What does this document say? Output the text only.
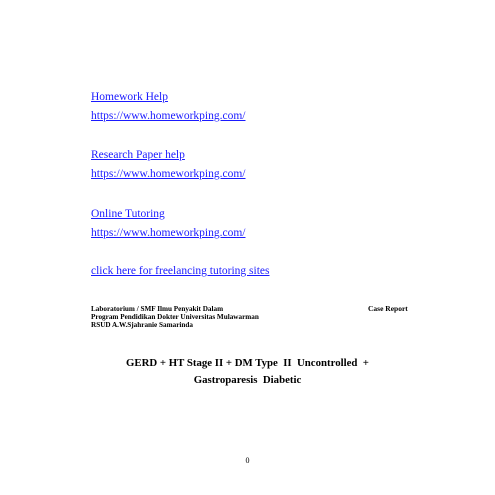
Homework Help
https://www.homeworkping.com/
Research Paper help
https://www.homeworkping.com/
Online Tutoring
https://www.homeworkping.com/
click here for freelancing tutoring sites
Laboratorium / SMF Ilmu Penyakit Dalam
Program Pendidikan Dokter Universitas Mulawarman
RSUD A.W.Sjahranie Samarinda
Case Report
GERD + HT Stage II + DM Type  II  Uncontrolled  +
Gastroparesis  Diabetic
0
